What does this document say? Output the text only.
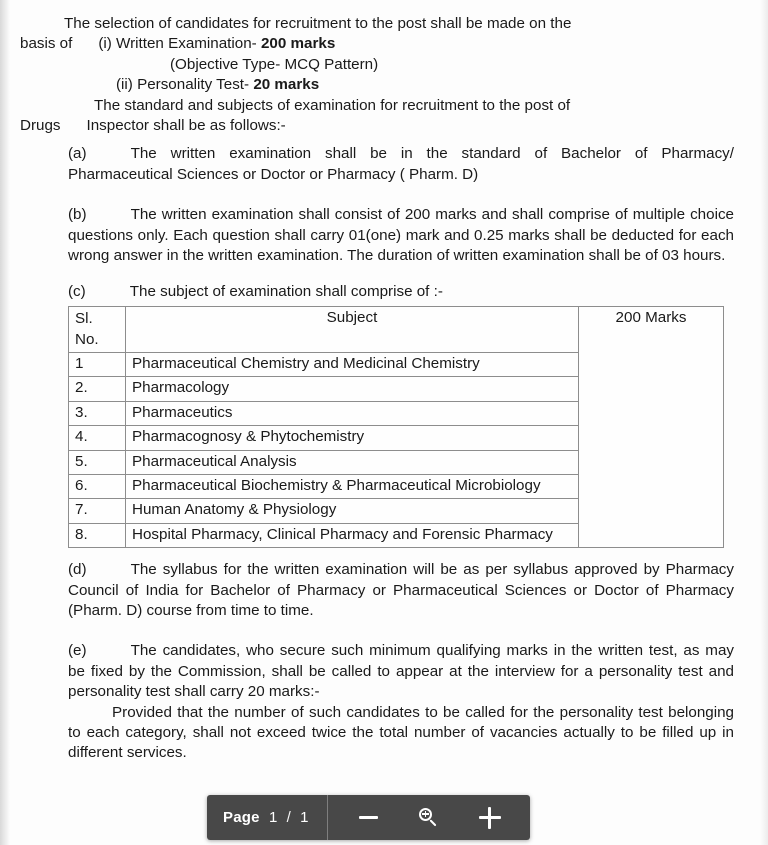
The selection of candidates for recruitment to the post shall be made on the

basis of (i) Written Examination- 200 marks

(Objective Type- MCQ Pattern)

(ii) Personality Test- 20 marks

The standard and subjects of examination for recruitment to the post of

Drugs Inspector shall be as follows:-

(a)	The written examination shall be in the standard of Bachelor of Pharmacy/ Pharmaceutical Sciences or Doctor or Pharmacy ( Pharm. D)

(b)	The written examination shall consist of 200 marks and shall comprise of multiple choice questions only. Each question shall carry 01(one) mark and 0.25 marks shall be deducted for each wrong answer in the written examination. The duration of written examination shall be of 03 hours.

(c)	The subject of examination shall comprise of :-

Sl.
No.	Subject	200 Marks
1	Pharmaceutical Chemistry and Medicinal Chemistry	
2.	Pharmacology	
3.	Pharmaceutics	
4.	Pharmacognosy & Phytochemistry	
5.	Pharmaceutical Analysis	
6.	Pharmaceutical Biochemistry & Pharmaceutical Microbiology	
7.	Human Anatomy & Physiology	
8.	Hospital Pharmacy, Clinical Pharmacy and Forensic Pharmacy	

(d)	The syllabus for the written examination will be as per syllabus approved by Pharmacy Council of India for Bachelor of Pharmacy or Pharmaceutical Sciences or Doctor of Pharmacy (Pharm. D) course from time to time.

(e)	The candidates, who secure such minimum qualifying marks in the written test, as may be fixed by the Commission, shall be called to appear at the interview for a personality test and personality test shall carry 20 marks:-

Provided that the number of such candidates to be called for the personality test belonging to each category, shall not exceed twice the total number of vacancies actually to be filled up in different services.

Page 1 / 1
